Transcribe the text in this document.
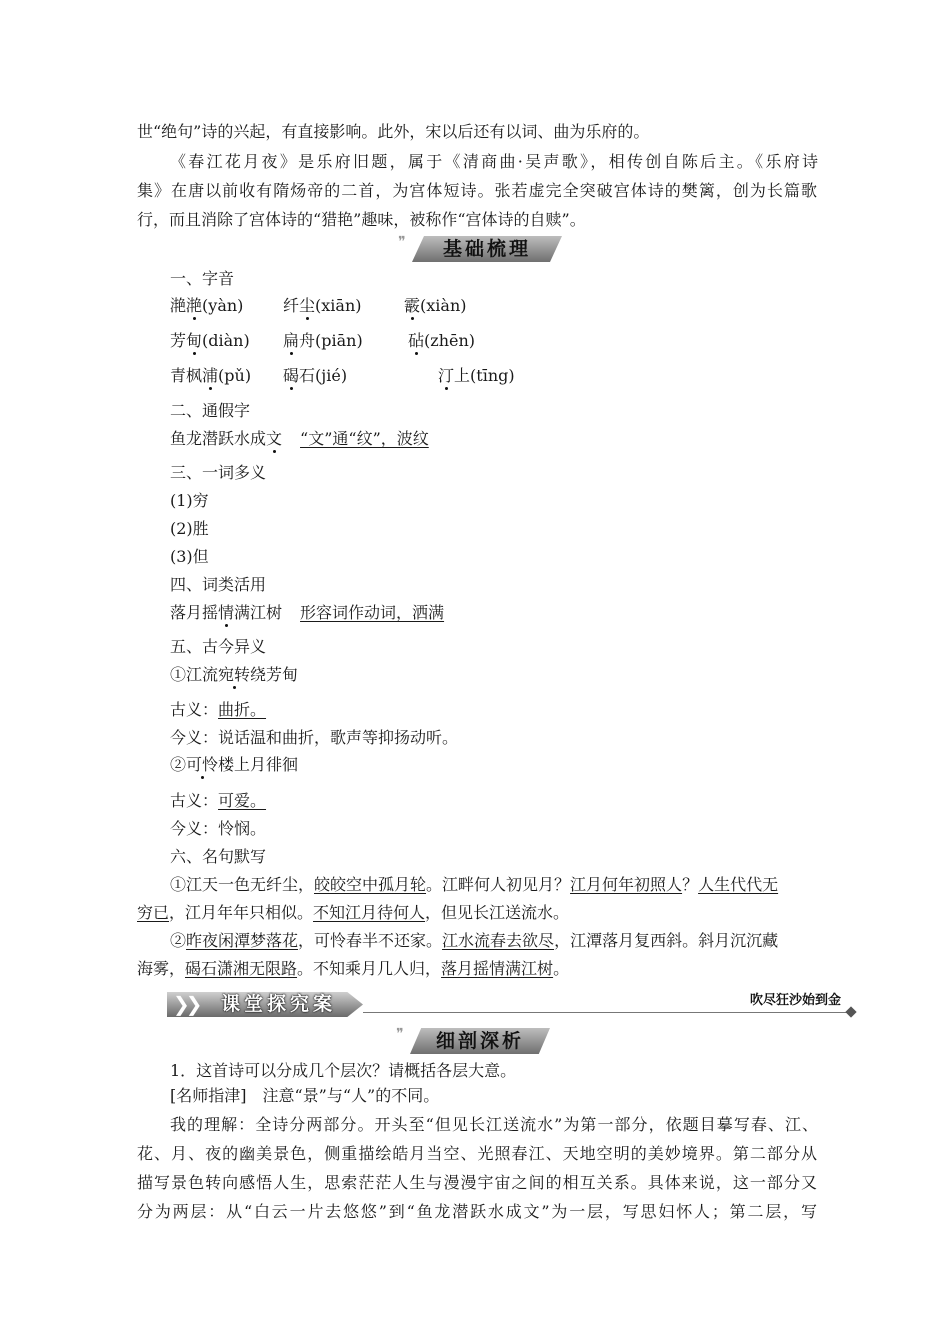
世“绝句”诗的兴起，有直接影响。此外，宋以后还有以词、曲为乐府的。
《春江花月夜》是乐府旧题，属于《清商曲·吴声歌》，相传创自陈后主。《乐府诗
集》在唐以前收有隋炀帝的二首，为宫体短诗。张若虚完全突破宫体诗的樊篱，创为长篇歌
行，而且消除了宫体诗的“猎艳”趣味，被称作“宫体诗的自赎”。
❞	基础梳理
一、字音
滟滟(yàn) 纤尘(xiān)	霰(xiàn)
芳甸(diàn) 扁舟(piān)	砧(zhēn)
青枫浦(pǔ) 碣石(jié)	汀上(tīng)
二、通假字
鱼龙潜跃水成文 “文”通“纹”，波纹
三、一词多义
(1)穷
(2)胜
(3)但
四、词类活用
落月摇情满江树 形容词作动词，洒满
五、古今异义
①江流宛转绕芳甸
古义：曲折。
今义：说话温和曲折，歌声等抑扬动听。
②可怜楼上月徘徊
古义：可爱。
今义：怜悯。
六、名句默写
①江天一色无纤尘，皎皎空中孤月轮。江畔何人初见月？江月何年初照人？人生代代无
穷已，江月年年只相似。不知江月待何人，但见长江送流水。
②昨夜闲潭梦落花，可怜春半不还家。江水流春去欲尽，江潭落月复西斜。斜月沉沉藏
海雾，碣石潇湘无限路。不知乘月几人归，落月摇情满江树。
❯❯ 课堂探究案	吹尽狂沙始到金
❞	细剖深析
1．这首诗可以分成几个层次？请概括各层大意。
[名师指津]　注意“景”与“人”的不同。
我的理解：全诗分两部分。开头至“但见长江送流水”为第一部分，依题目摹写春、江、
花、月、夜的幽美景色，侧重描绘皓月当空、光照春江、天地空明的美妙境界。第二部分从
描写景色转向感悟人生，思索茫茫人生与漫漫宇宙之间的相互关系。具体来说，这一部分又
分为两层：从“白云一片去悠悠”到“鱼龙潜跃水成文”为一层，写思妇怀人；第二层，写
